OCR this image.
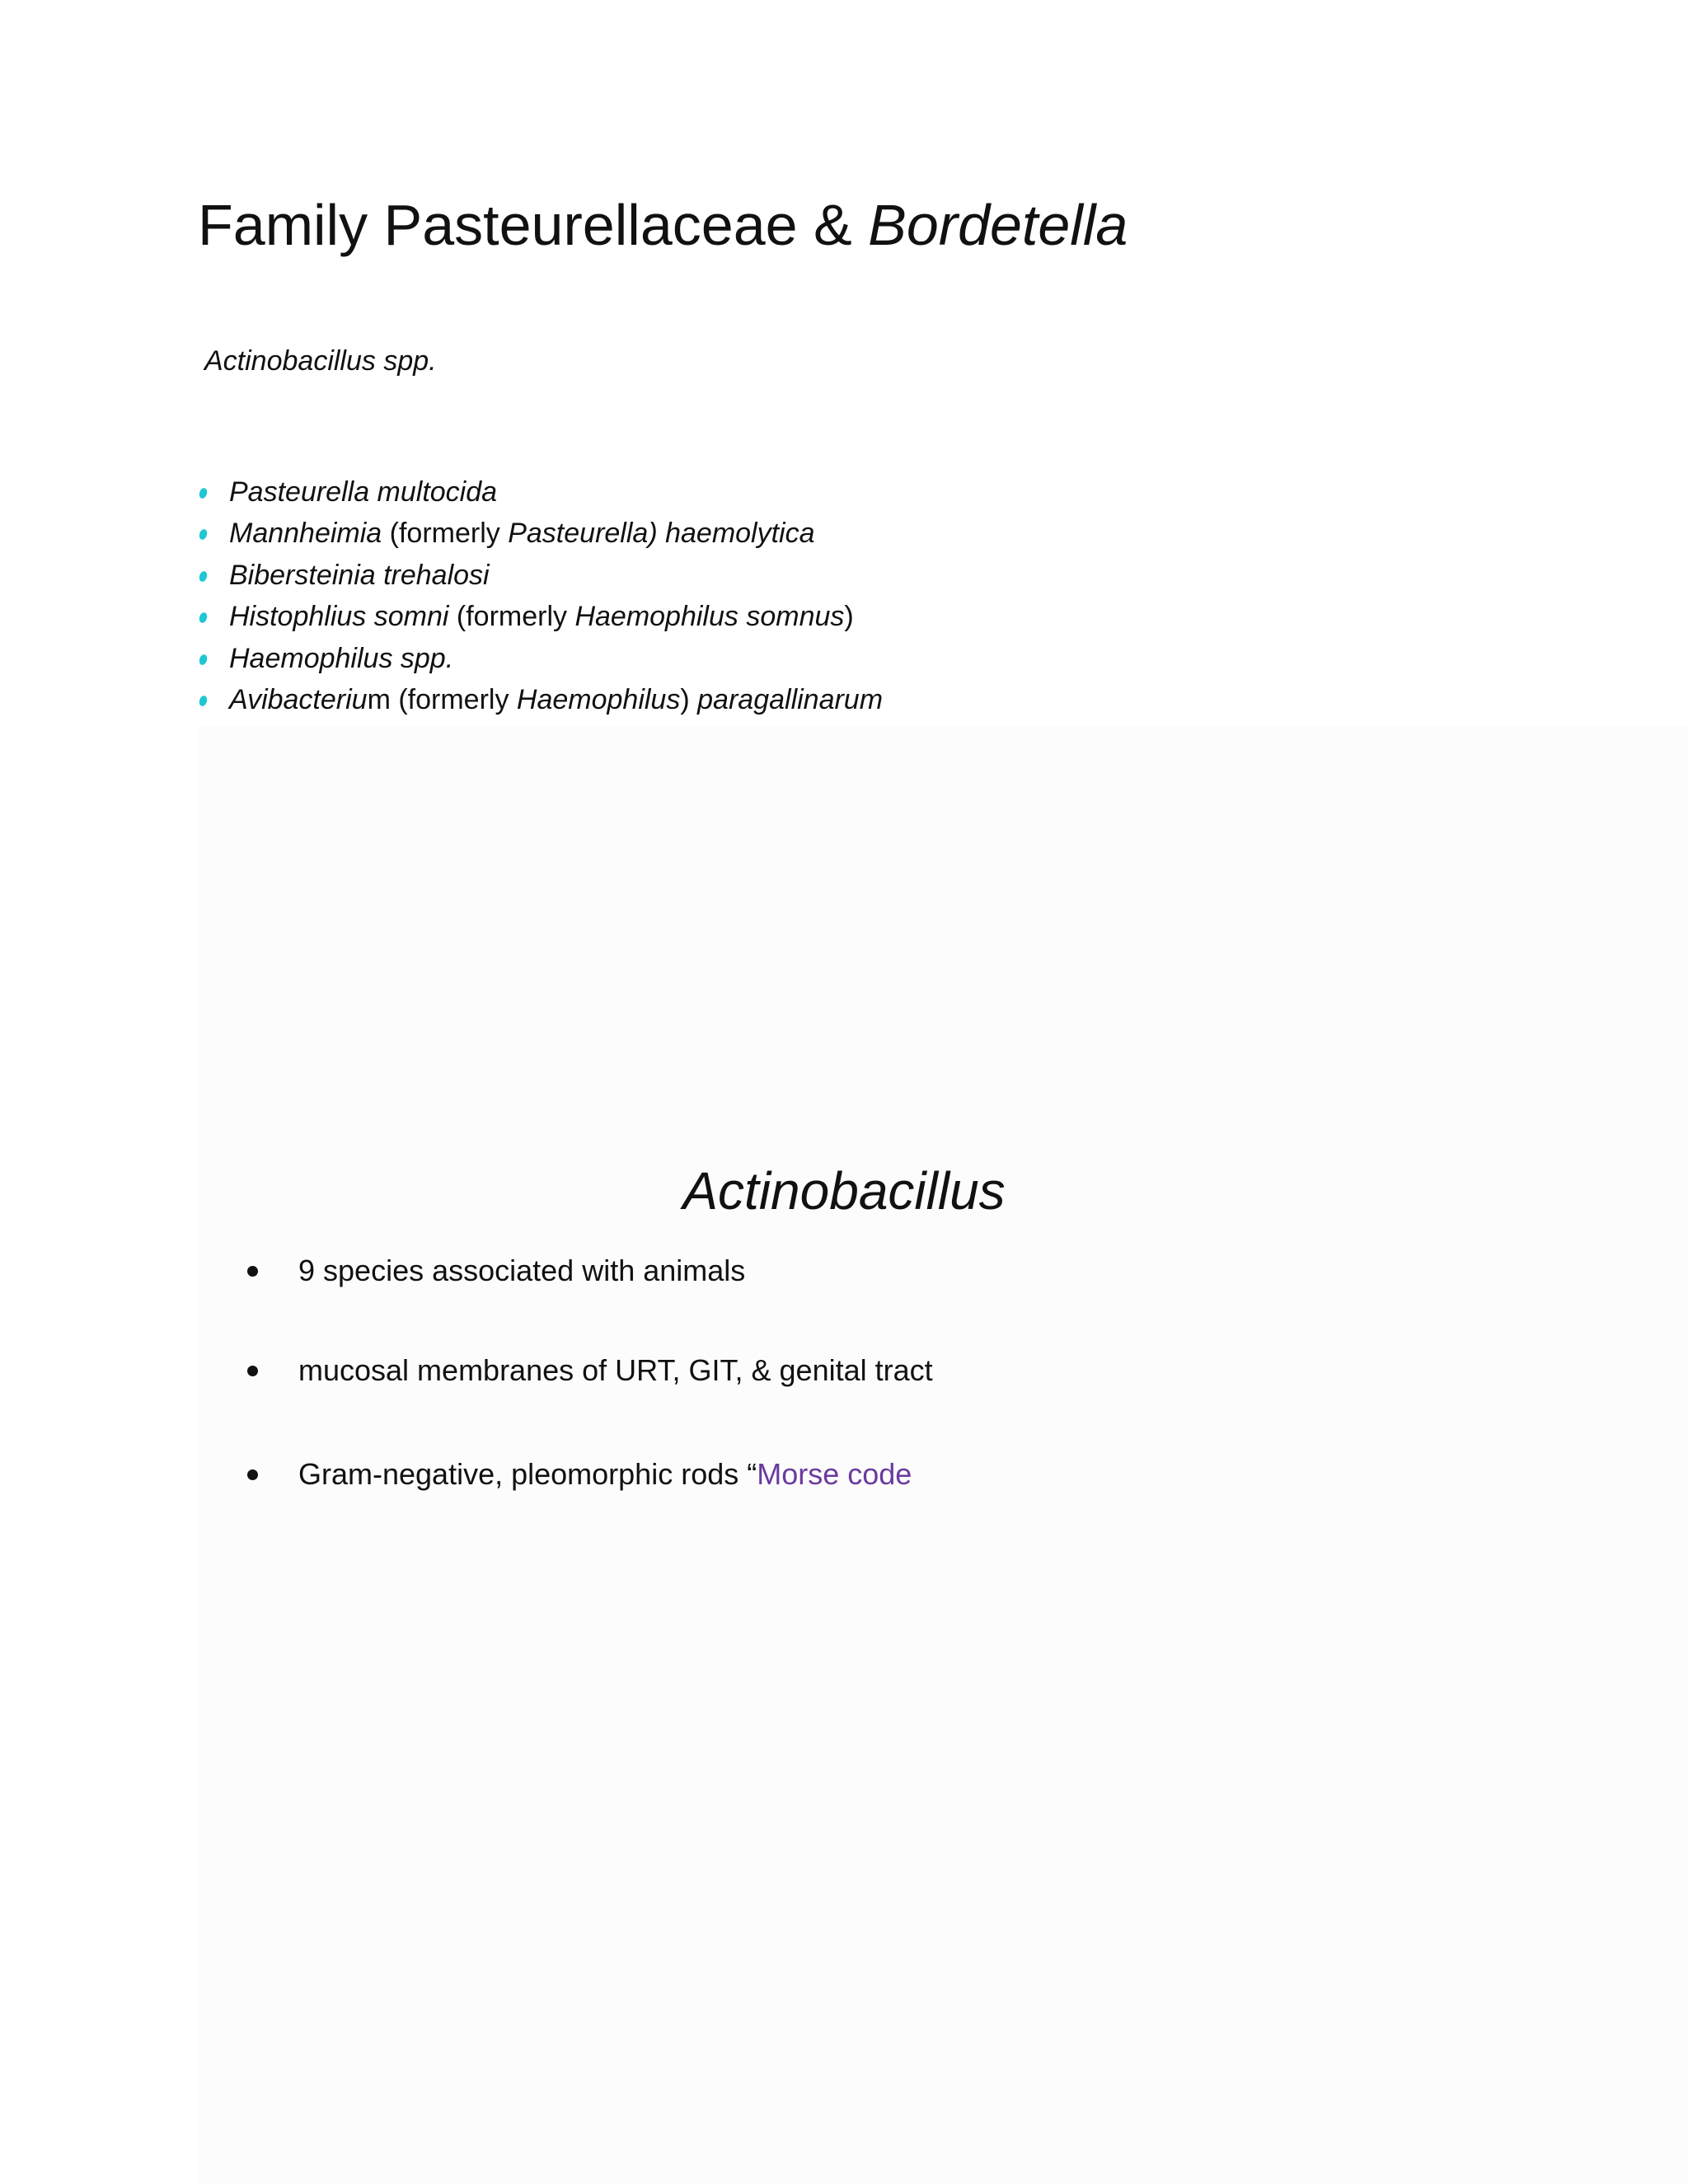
Family Pasteurellaceae & Bordetella
Actinobacillus spp.
Pasteurella multocida
Mannheimia (formerly Pasteurella) haemolytica
Bibersteinia trehalosi
Histophlius somni (formerly Haemophilus somnus)
Haemophilus spp.
Avibacterium (formerly Haemophilus) paragallinarum
Actinobacillus
9 species associated with animals
mucosal membranes of URT, GIT, & genital tract
Gram-negative, pleomorphic rods “Morse code
